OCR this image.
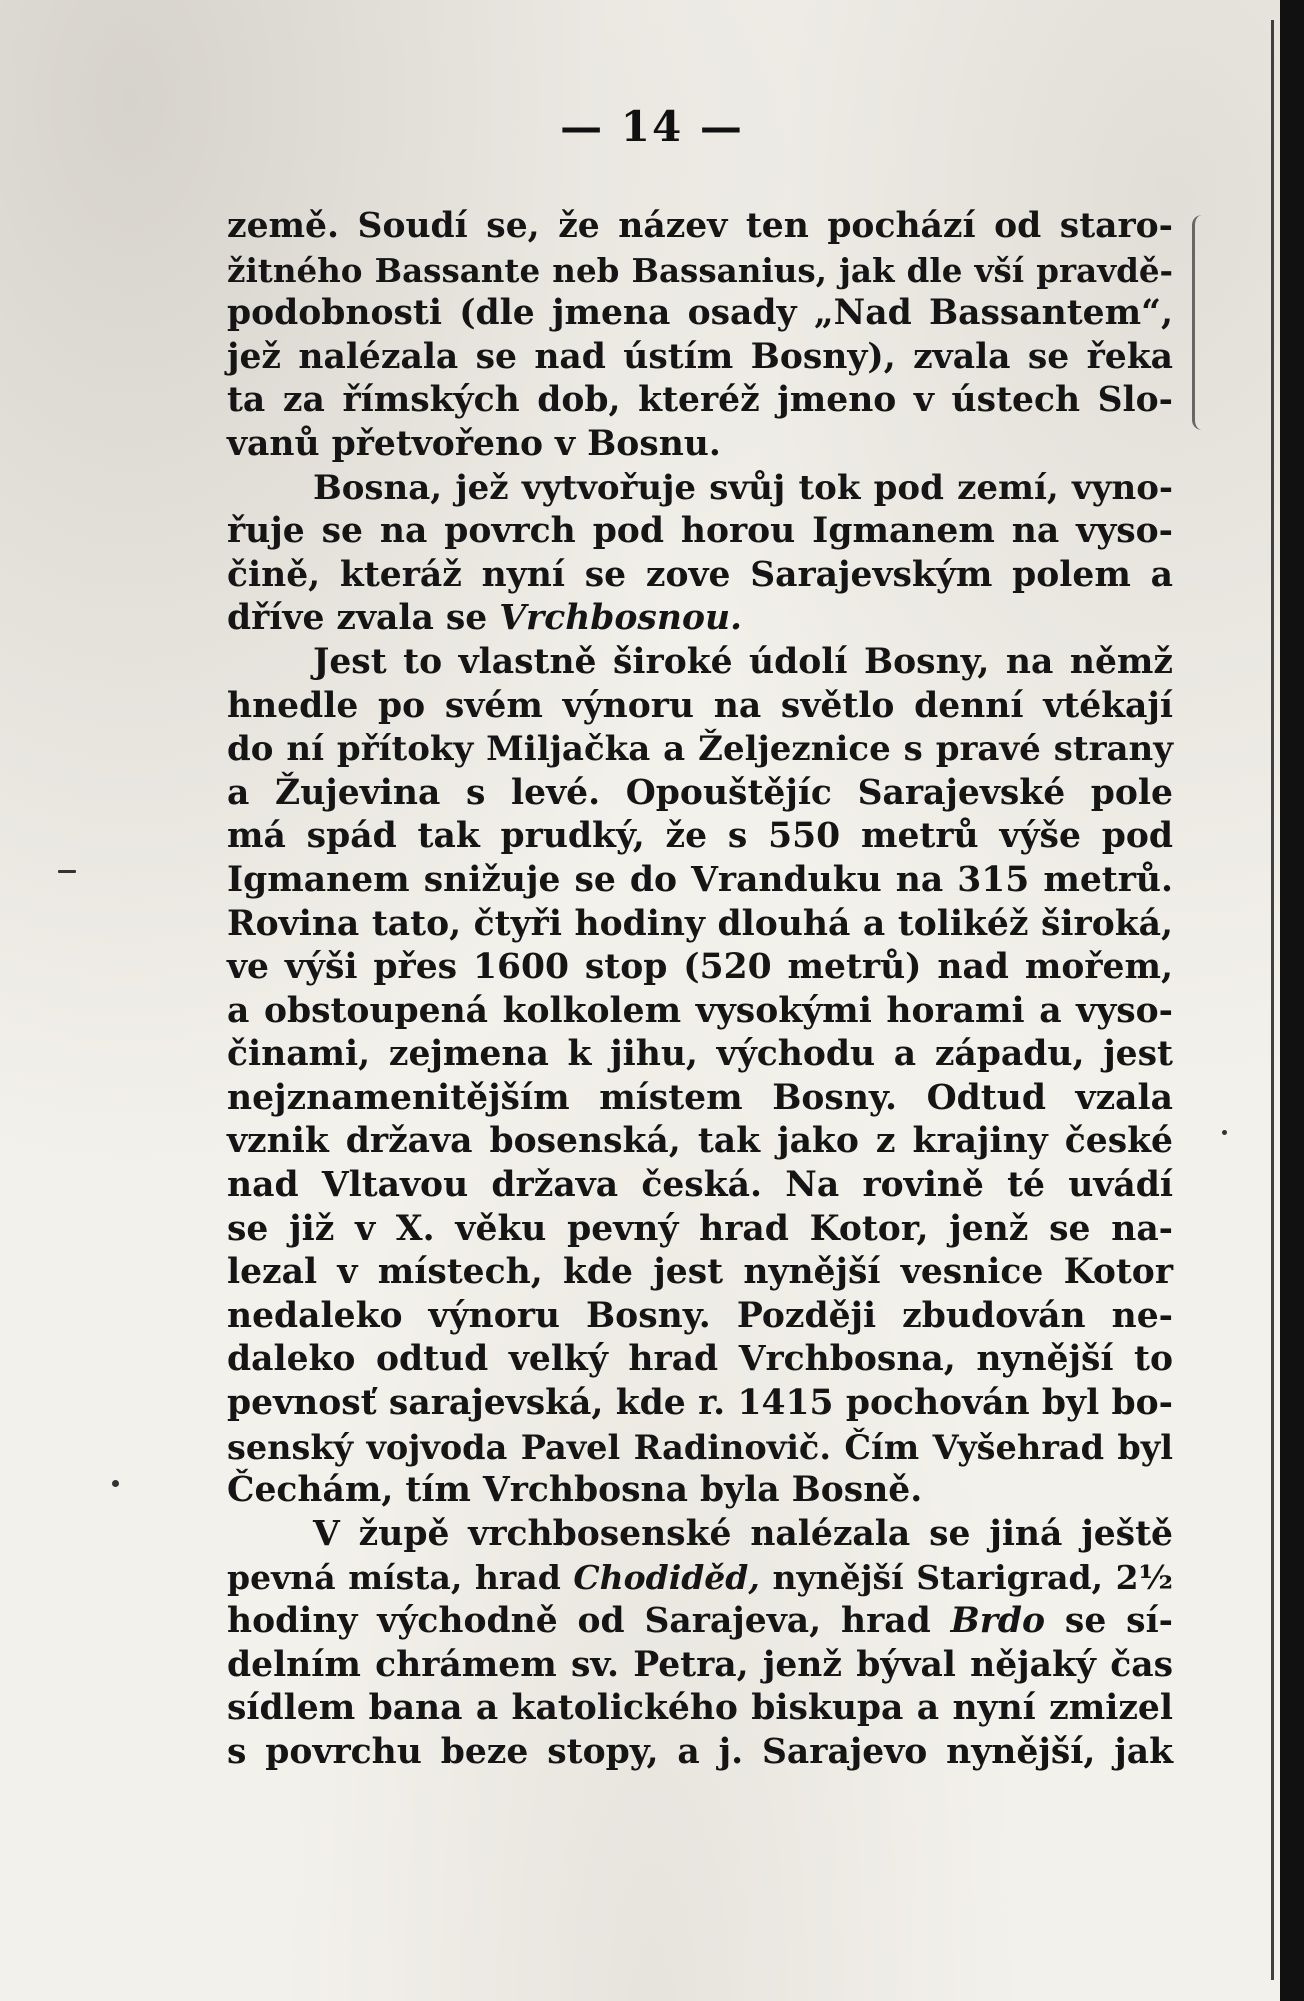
— 14 —

země. Soudí se, že název ten pochází od staro-
žitného Bassante neb Bassanius, jak dle vší pravdě-
podobnosti (dle jmena osady „Nad Bassantem“,
jež nalézala se nad ústím Bosny), zvala se řeka
ta za římských dob, kteréž jmeno v ústech Slo-
vanů přetvořeno v Bosnu.
Bosna, jež vytvořuje svůj tok pod zemí, vyno-
řuje se na povrch pod horou Igmanem na vyso-
čině, kteráž nyní se zove Sarajevským polem a
dříve zvala se Vrchbosnou.
Jest to vlastně široké údolí Bosny, na němž
hnedle po svém výnoru na světlo denní vtékají
do ní přítoky Miljačka a Željeznice s pravé strany
a Žujevina s levé. Opouštějíc Sarajevské pole
má spád tak prudký, že s 550 metrů výše pod
Igmanem snižuje se do Vranduku na 315 metrů.
Rovina tato, čtyři hodiny dlouhá a tolikéž široká,
ve výši přes 1600 stop (520 metrů) nad mořem,
a obstoupená kolkolem vysokými horami a vyso-
činami, zejmena k jihu, východu a západu, jest
nejznamenitějším místem Bosny. Odtud vzala
vznik država bosenská, tak jako z krajiny české
nad Vltavou država česká. Na rovině té uvádí
se již v X. věku pevný hrad Kotor, jenž se na-
lezal v místech, kde jest nynější vesnice Kotor
nedaleko výnoru Bosny. Později zbudován ne-
daleko odtud velký hrad Vrchbosna, nynější to
pevnosť sarajevská, kde r. 1415 pochován byl bo-
senský vojvoda Pavel Radinovič. Čím Vyšehrad byl
Čechám, tím Vrchbosna byla Bosně.
V župě vrchbosenské nalézala se jiná ještě
pevná místa, hrad Chodiděd, nynější Starigrad, 2½
hodiny východně od Sarajeva, hrad Brdo se sí-
delním chrámem sv. Petra, jenž býval nějaký čas
sídlem bana a katolického biskupa a nyní zmizel
s povrchu beze stopy, a j. Sarajevo nynější, jak
